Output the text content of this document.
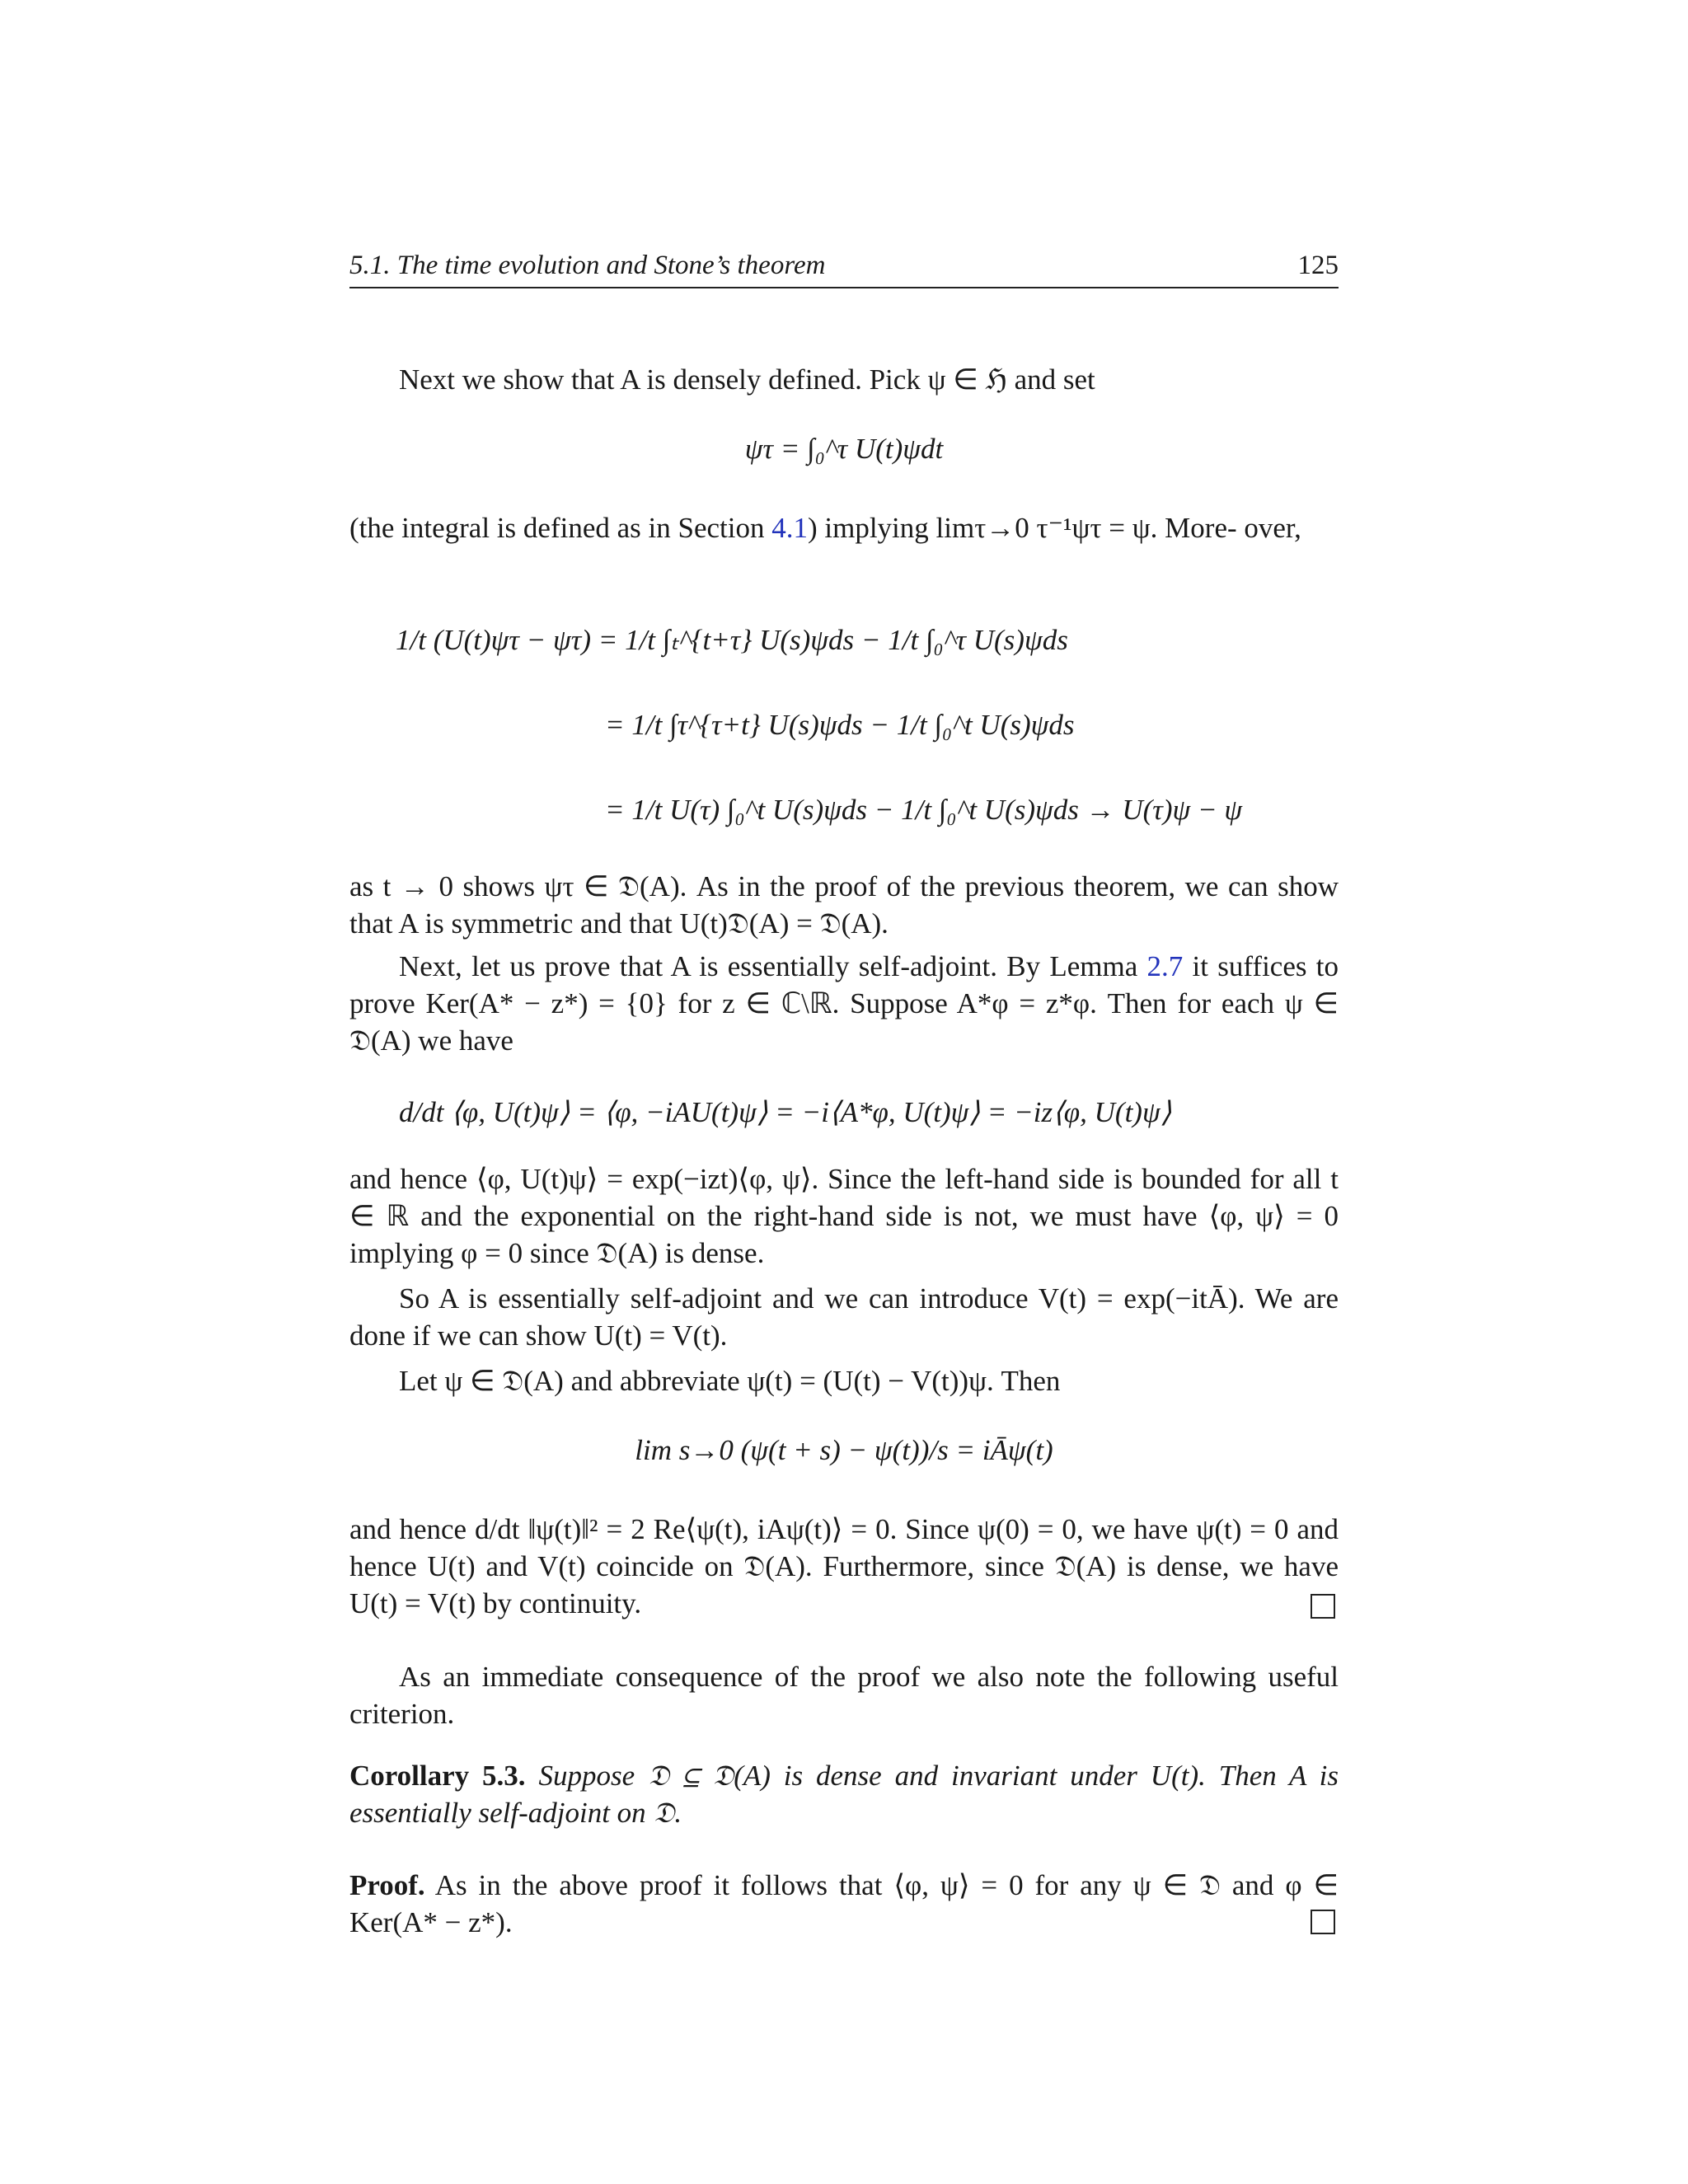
5.1. The time evolution and Stone’s theorem	125

Next we show that A is densely defined. Pick ψ ∈ ℌ and set

ψτ = ∫₀^τ U(t)ψdt

(the integral is defined as in Section 4.1) implying limτ→0 τ⁻¹ψτ = ψ. More- over,

1/t (U(t)ψτ − ψτ) = 1/t ∫ₜ^{t+τ} U(s)ψds − 1/t ∫₀^τ U(s)ψds

= 1/t ∫τ^{τ+t} U(s)ψds − 1/t ∫₀^t U(s)ψds

= 1/t U(τ) ∫₀^t U(s)ψds − 1/t ∫₀^t U(s)ψds → U(τ)ψ − ψ

as t → 0 shows ψτ ∈ 𝔇(A). As in the proof of the previous theorem, we can show that A is symmetric and that U(t)𝔇(A) = 𝔇(A).

Next, let us prove that A is essentially self-adjoint. By Lemma 2.7 it suffices to prove Ker(A* − z*) = {0} for z ∈ ℂ\ℝ. Suppose A*φ = z*φ. Then for each ψ ∈ 𝔇(A) we have

d/dt ⟨φ, U(t)ψ⟩ = ⟨φ, −iAU(t)ψ⟩ = −i⟨A*φ, U(t)ψ⟩ = −iz⟨φ, U(t)ψ⟩

and hence ⟨φ, U(t)ψ⟩ = exp(−izt)⟨φ, ψ⟩. Since the left-hand side is bounded for all t ∈ ℝ and the exponential on the right-hand side is not, we must have ⟨φ, ψ⟩ = 0 implying φ = 0 since 𝔇(A) is dense.

So A is essentially self-adjoint and we can introduce V(t) = exp(−itĀ). We are done if we can show U(t) = V(t).

Let ψ ∈ 𝔇(A) and abbreviate ψ(t) = (U(t) − V(t))ψ. Then

lim s→0 (ψ(t + s) − ψ(t))/s = iĀψ(t)

and hence d/dt ‖ψ(t)‖² = 2 Re⟨ψ(t), iAψ(t)⟩ = 0. Since ψ(0) = 0, we have ψ(t) = 0 and hence U(t) and V(t) coincide on 𝔇(A). Furthermore, since 𝔇(A) is dense, we have U(t) = V(t) by continuity.

As an immediate consequence of the proof we also note the following useful criterion.

Corollary 5.3. Suppose 𝔇 ⊆ 𝔇(A) is dense and invariant under U(t). Then A is essentially self-adjoint on 𝔇.

Proof. As in the above proof it follows that ⟨φ, ψ⟩ = 0 for any ψ ∈ 𝔇 and φ ∈ Ker(A* − z*).
